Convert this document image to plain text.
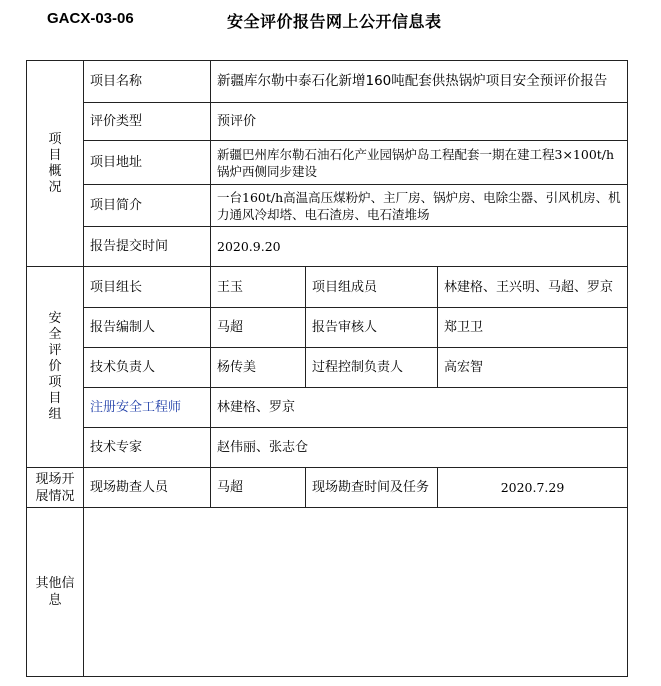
GACX-03-06	安全评价报告网上公开信息表
项目概况	项目名称	新疆库尔勒中泰石化新增160吨配套供热锅炉项目安全预评价报告		
	评价类型	预评价		
	项目地址	新疆巴州库尔勒石油石化产业园锅炉岛工程配套一期在建工程3×100t/h锅炉西侧同步建设		
	项目简介	一台160t/h高温高压煤粉炉、主厂房、锅炉房、电除尘器、引风机房、机力通风冷却塔、电石渣房、电石渣堆场		
	报告提交时间	2020.9.20		
安全评价项目组	项目组长	王玉	项目组成员	林建格、王兴明、马超、罗京
	报告编制人	马超	报告审核人	郑卫卫
	技术负责人	杨传美	过程控制负责人	高宏智
	注册安全工程师	林建格、罗京		
	技术专家	赵伟丽、张志仓		
现场开展情况	现场勘查人员	马超	现场勘查时间及任务	2020.7.29
其他信息				
